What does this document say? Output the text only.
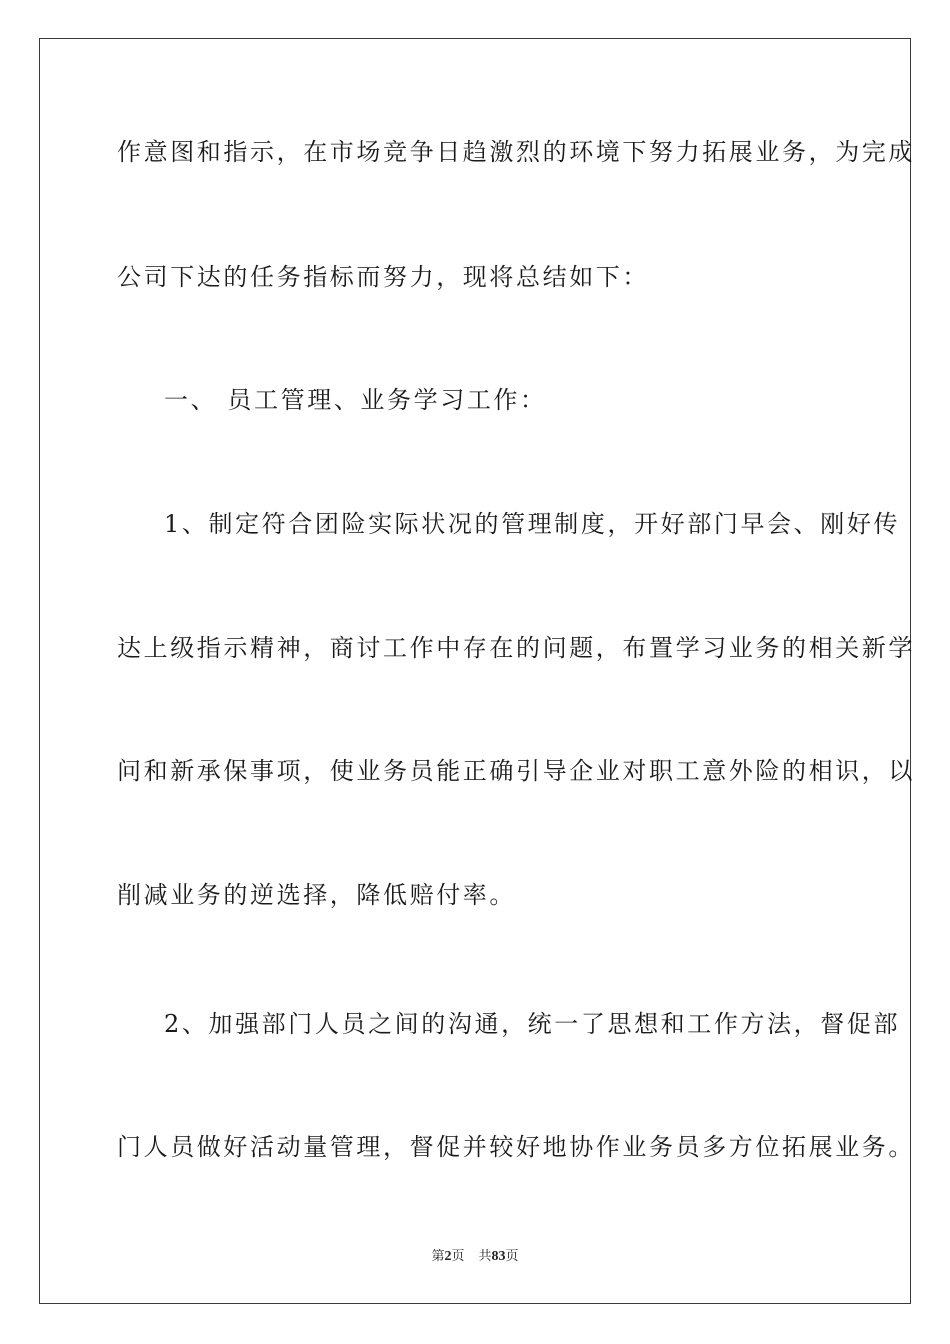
作意图和指示，在市场竞争日趋激烈的环境下努力拓展业务，为完成
公司下达的任务指标而努力，现将总结如下：
一、 员工管理、业务学习工作：
1、制定符合团险实际状况的管理制度，开好部门早会、刚好传
达上级指示精神，商讨工作中存在的问题，布置学习业务的相关新学
问和新承保事项，使业务员能正确引导企业对职工意外险的相识，以
削减业务的逆选择，降低赔付率。
2、加强部门人员之间的沟通，统一了思想和工作方法，督促部
门人员做好活动量管理，督促并较好地协作业务员多方位拓展业务。
第2页 共83页
